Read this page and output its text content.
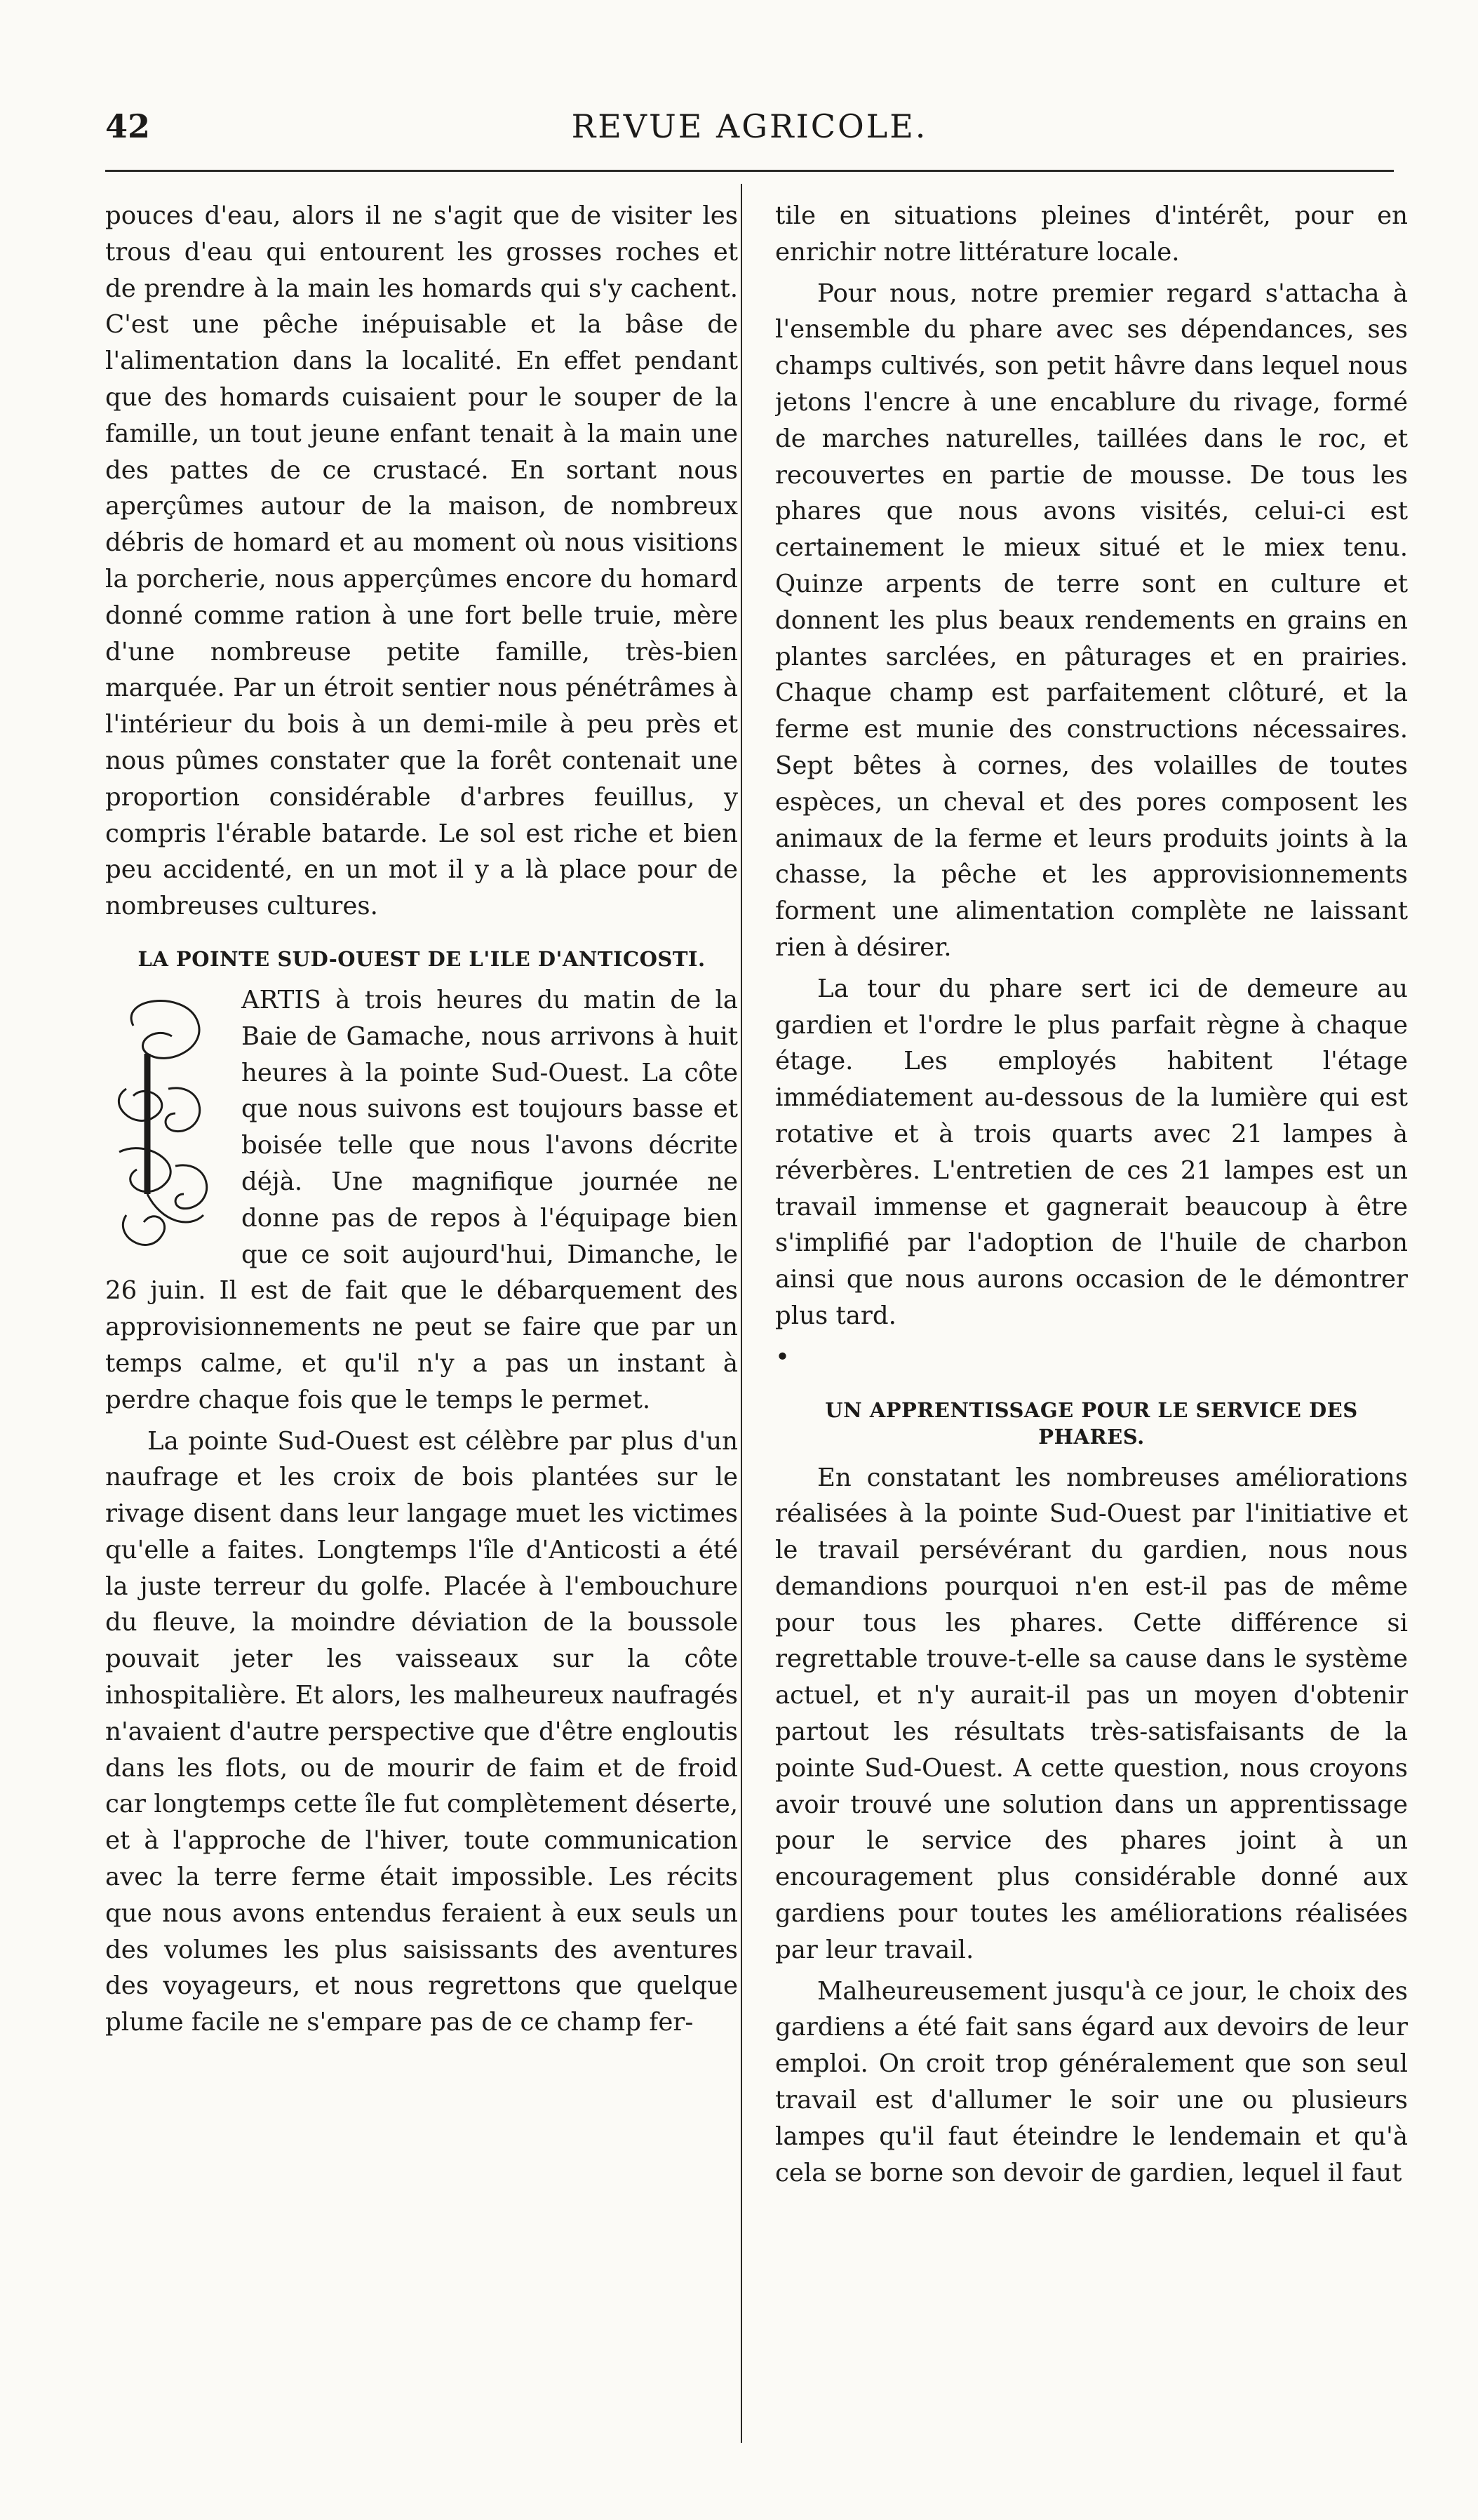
42	REVUE AGRICOLE.

pouces d'eau, alors il ne s'agit que de visiter les trous d'eau qui entourent les grosses roches et de prendre à la main les homards qui s'y cachent. C'est une pêche inépuisable et la bâse de l'alimentation dans la localité. En effet pendant que des homards cuisaient pour le souper de la famille, un tout jeune enfant tenait à la main une des pattes de ce crustacé. En sortant nous aperçûmes autour de la maison, de nombreux débris de homard et au moment où nous visitions la porcherie, nous apperçûmes encore du homard donné comme ration à une fort belle truie, mère d'une nombreuse petite famille, très-bien marquée. Par un étroit sentier nous pénétrâmes à l'intérieur du bois à un demi-mile à peu près et nous pûmes constater que la forêt contenait une proportion considérable d'arbres feuillus, y compris l'érable batarde. Le sol est riche et bien peu accidenté, en un mot il y a là place pour de nombreuses cultures.

LA POINTE SUD-OUEST DE L'ILE D'ANTICOSTI.

ARTIS à trois heures du matin de la Baie de Gamache, nous arrivons à huit heures à la pointe Sud-Ouest. La côte que nous suivons est toujours basse et boisée telle que nous l'avons décrite déjà. Une magnifique journée ne donne pas de repos à l'équipage bien que ce soit aujourd'hui, Dimanche, le 26 juin. Il est de fait que le débarquement des approvisionnements ne peut se faire que par un temps calme, et qu'il n'y a pas un instant à perdre chaque fois que le temps le permet.

La pointe Sud-Ouest est célèbre par plus d'un naufrage et les croix de bois plantées sur le rivage disent dans leur langage muet les victimes qu'elle a faites. Longtemps l'île d'Anticosti a été la juste terreur du golfe. Placée à l'embouchure du fleuve, la moindre déviation de la boussole pouvait jeter les vaisseaux sur la côte inhospitalière. Et alors, les malheureux naufragés n'avaient d'autre perspective que d'être engloutis dans les flots, ou de mourir de faim et de froid car longtemps cette île fut complètement déserte, et à l'approche de l'hiver, toute communication avec la terre ferme était impossible. Les récits que nous avons entendus feraient à eux seuls un des volumes les plus saisissants des aventures des voyageurs, et nous regrettons que quelque plume facile ne s'empare pas de ce champ fer-

tile en situations pleines d'intérêt, pour en enrichir notre littérature locale.

Pour nous, notre premier regard s'attacha à l'ensemble du phare avec ses dépendances, ses champs cultivés, son petit hâvre dans lequel nous jetons l'encre à une encablure du rivage, formé de marches naturelles, taillées dans le roc, et recouvertes en partie de mousse. De tous les phares que nous avons visités, celui-ci est certainement le mieux situé et le miex tenu. Quinze arpents de terre sont en culture et donnent les plus beaux rendements en grains en plantes sarclées, en pâturages et en prairies. Chaque champ est parfaitement clôturé, et la ferme est munie des constructions nécessaires. Sept bêtes à cornes, des volailles de toutes espèces, un cheval et des pores composent les animaux de la ferme et leurs produits joints à la chasse, la pêche et les approvisionnements forment une alimentation complète ne laissant rien à désirer.

La tour du phare sert ici de demeure au gardien et l'ordre le plus parfait règne à chaque étage. Les employés habitent l'étage immédiatement au-dessous de la lumière qui est rotative et à trois quarts avec 21 lampes à réverbères. L'entretien de ces 21 lampes est un travail immense et gagnerait beaucoup à être s'implifié par l'adoption de l'huile de charbon ainsi que nous aurons occasion de le démontrer plus tard.

•

UN APPRENTISSAGE POUR LE SERVICE DES PHARES.

En constatant les nombreuses améliorations réalisées à la pointe Sud-Ouest par l'initiative et le travail persévérant du gardien, nous nous demandions pourquoi n'en est-il pas de même pour tous les phares. Cette différence si regrettable trouve-t-elle sa cause dans le système actuel, et n'y aurait-il pas un moyen d'obtenir partout les résultats très-satisfaisants de la pointe Sud-Ouest. A cette question, nous croyons avoir trouvé une solution dans un apprentissage pour le service des phares joint à un encouragement plus considérable donné aux gardiens pour toutes les améliorations réalisées par leur travail.

Malheureusement jusqu'à ce jour, le choix des gardiens a été fait sans égard aux devoirs de leur emploi. On croit trop généralement que son seul travail est d'allumer le soir une ou plusieurs lampes qu'il faut éteindre le lendemain et qu'à cela se borne son devoir de gardien, lequel il faut
